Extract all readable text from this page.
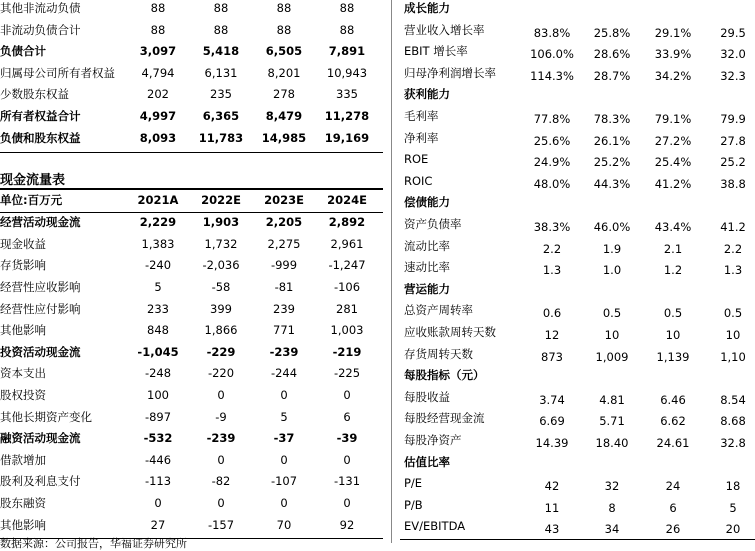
其他非流动负债	88	88	88	88
非流动负债合计	88	88	88	88
负债合计	3,097	5,418	6,505	7,891
归属母公司所有者权益	4,794	6,131	8,201	10,943
少数股东权益	202	235	278	335
所有者权益合计	4,997	6,365	8,479	11,278
负债和股东权益	8,093	11,783	14,985	19,169
现金流量表
单位:百万元	2021A	2022E	2023E	2024E
经营活动现金流	2,229	1,903	2,205	2,892
现金收益	1,383	1,732	2,275	2,961
存货影响	-240	-2,036	-999	-1,247
经营性应收影响	5	-58	-81	-106
经营性应付影响	233	399	239	281
其他影响	848	1,866	771	1,003
投资活动现金流	-1,045	-229	-239	-219
资本支出	-248	-220	-244	-225
股权投资	100	0	0	0
其他长期资产变化	-897	-9	5	6
融资活动现金流	-532	-239	-37	-39
借款增加	-446	0	0	0
股利及利息支付	-113	-82	-107	-131
股东融资	0	0	0	0
其他影响	27	-157	70	92
成长能力
营业收入增长率	83.8%	25.8%	29.1%	29.5
EBIT 增长率	106.0%	28.6%	33.9%	32.0
归母净利润增长率	114.3%	28.7%	34.2%	32.3
获利能力
毛利率	77.8%	78.3%	79.1%	79.9
净利率	25.6%	26.1%	27.2%	27.8
ROE	24.9%	25.2%	25.4%	25.2
ROIC	48.0%	44.3%	41.2%	38.8
偿债能力
资产负债率	38.3%	46.0%	43.4%	41.2
流动比率	2.2	1.9	2.1	2.2
速动比率	1.3	1.0	1.2	1.3
营运能力
总资产周转率	0.6	0.5	0.5	0.5
应收账款周转天数	12	10	10	10
存货周转天数	873	1,009	1,139	1,10
每股指标（元）
每股收益	3.74	4.81	6.46	8.54
每股经营现金流	6.69	5.71	6.62	8.68
每股净资产	14.39	18.40	24.61	32.8
估值比率
P/E	42	32	24	18
P/B	11	8	6	5
EV/EBITDA	43	34	26	20
数据来源：公司报告，华福证券研究所
